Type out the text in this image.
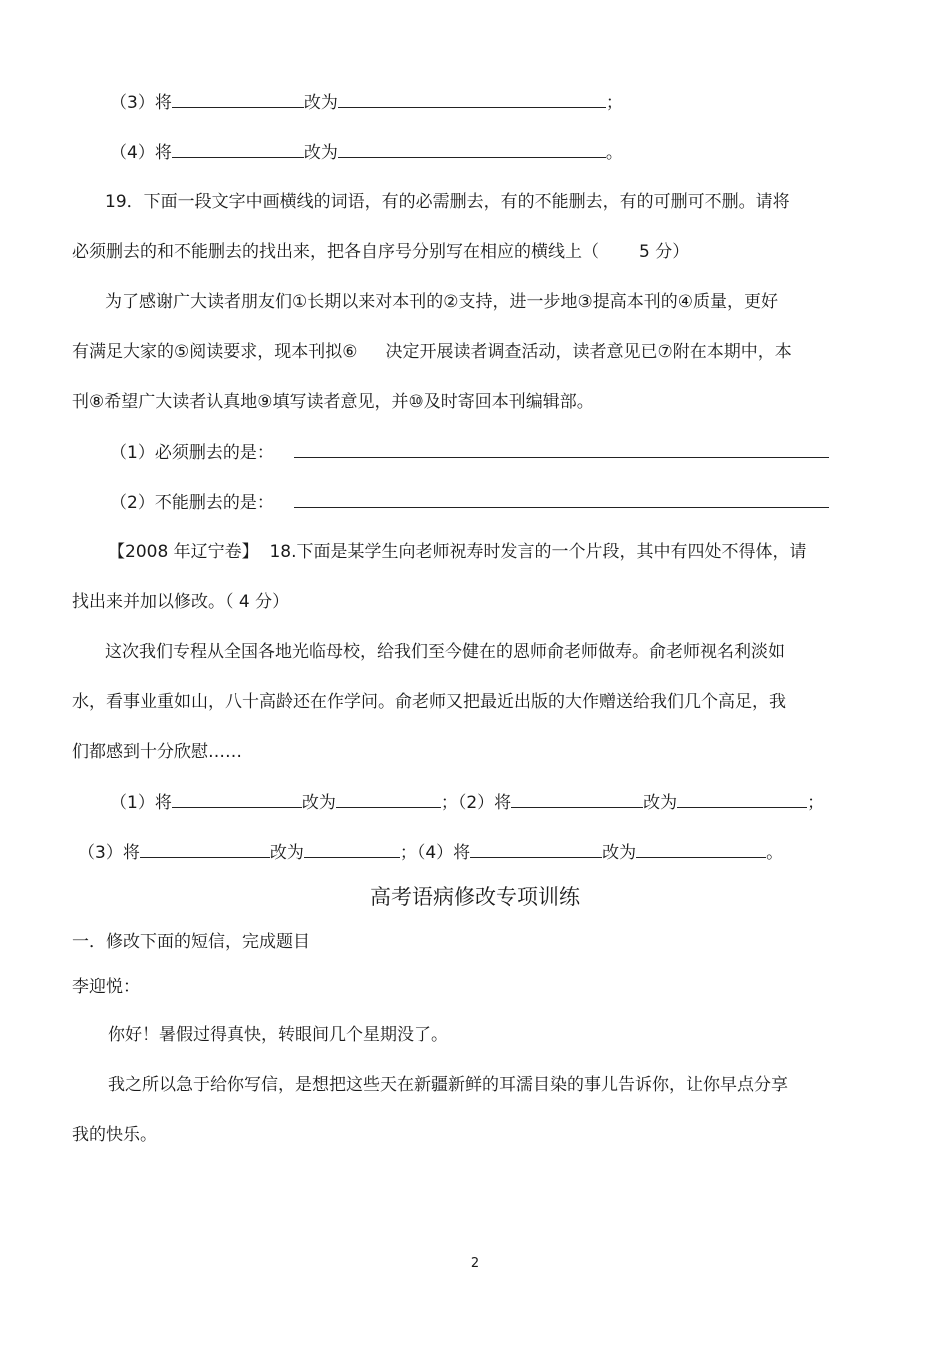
（3）将	改为	；
（4）将	改为	。
19．下面一段文字中画横线的词语，有的必需删去，有的不能删去，有的可删可不删。请将
必须删去的和不能删去的找出来，把各自序号分别写在相应的横线上（ 5 分）
为了感谢广大读者朋友们①长期以来对本刊的②支持，进一步地③提高本刊的④质量，更好
有满足大家的⑤阅读要求，现本刊拟⑥ 决定开展读者调查活动，读者意见已⑦附在本期中，本
刊⑧希望广大读者认真地⑨填写读者意见，并⑩及时寄回本刊编辑部。
（1）必须删去的是：
（2）不能删去的是：
【2008 年辽宁卷】 18.下面是某学生向老师祝寿时发言的一个片段，其中有四处不得体，请
找出来并加以修改。（ 4 分）
这次我们专程从全国各地光临母校，给我们至今健在的恩师俞老师做寿。俞老师视名利淡如
水，看事业重如山，八十高龄还在作学问。俞老师又把最近出版的大作赠送给我们几个高足，我
们都感到十分欣慰……
（1）将	改为	；（2）将	改为	；
（3）将	改为	；（4）将	改为	。
高考语病修改专项训练
一．修改下面的短信，完成题目
李迎悦：
你好！暑假过得真快，转眼间几个星期没了。
我之所以急于给你写信，是想把这些天在新疆新鲜的耳濡目染的事儿告诉你，让你早点分享
我的快乐。
2
